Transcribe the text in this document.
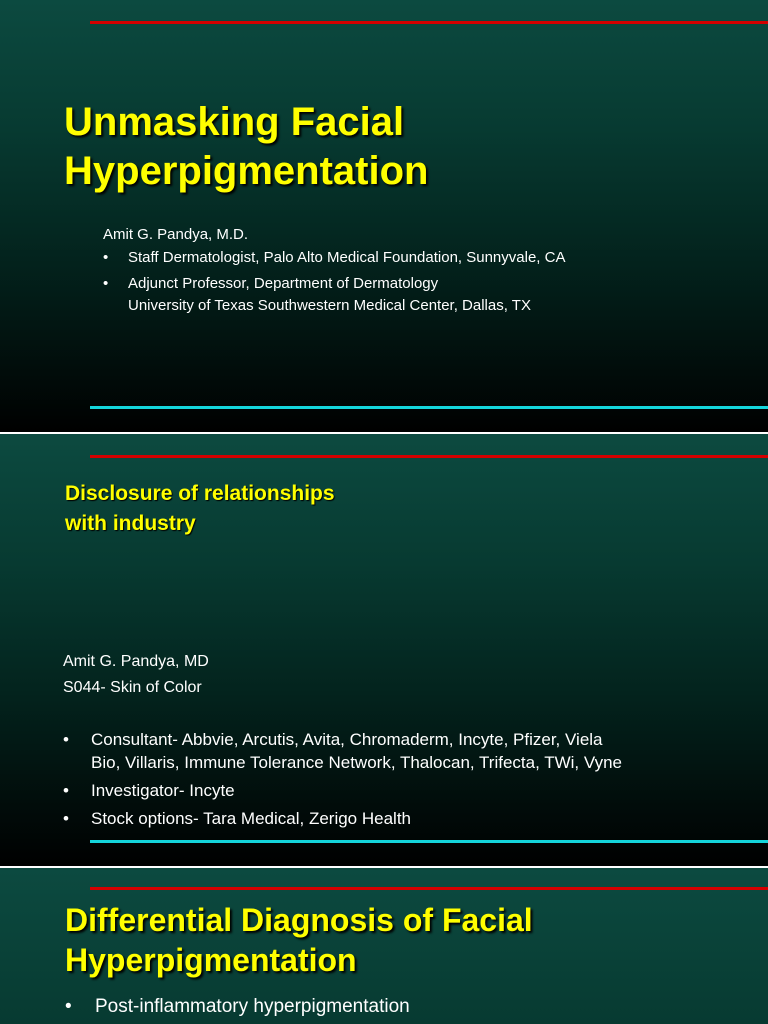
Unmasking Facial
Hyperpigmentation

Amit G. Pandya, M.D.

• Staff Dermatologist, Palo Alto Medical Foundation, Sunnyvale, CA
• Adjunct Professor, Department of Dermatology
University of Texas Southwestern Medical Center, Dallas, TX
Disclosure of relationships
with industry

Amit G. Pandya, MD

S044- Skin of Color

• Consultant- Abbvie, Arcutis, Avita, Chromaderm, Incyte, Pfizer, Viela
Bio, Villaris, Immune Tolerance Network, Thalocan, Trifecta, TWi, Vyne
• Investigator- Incyte
• Stock options- Tara Medical, Zerigo Health
Differential Diagnosis of Facial
Hyperpigmentation
• Post-inflammatory hyperpigmentation
